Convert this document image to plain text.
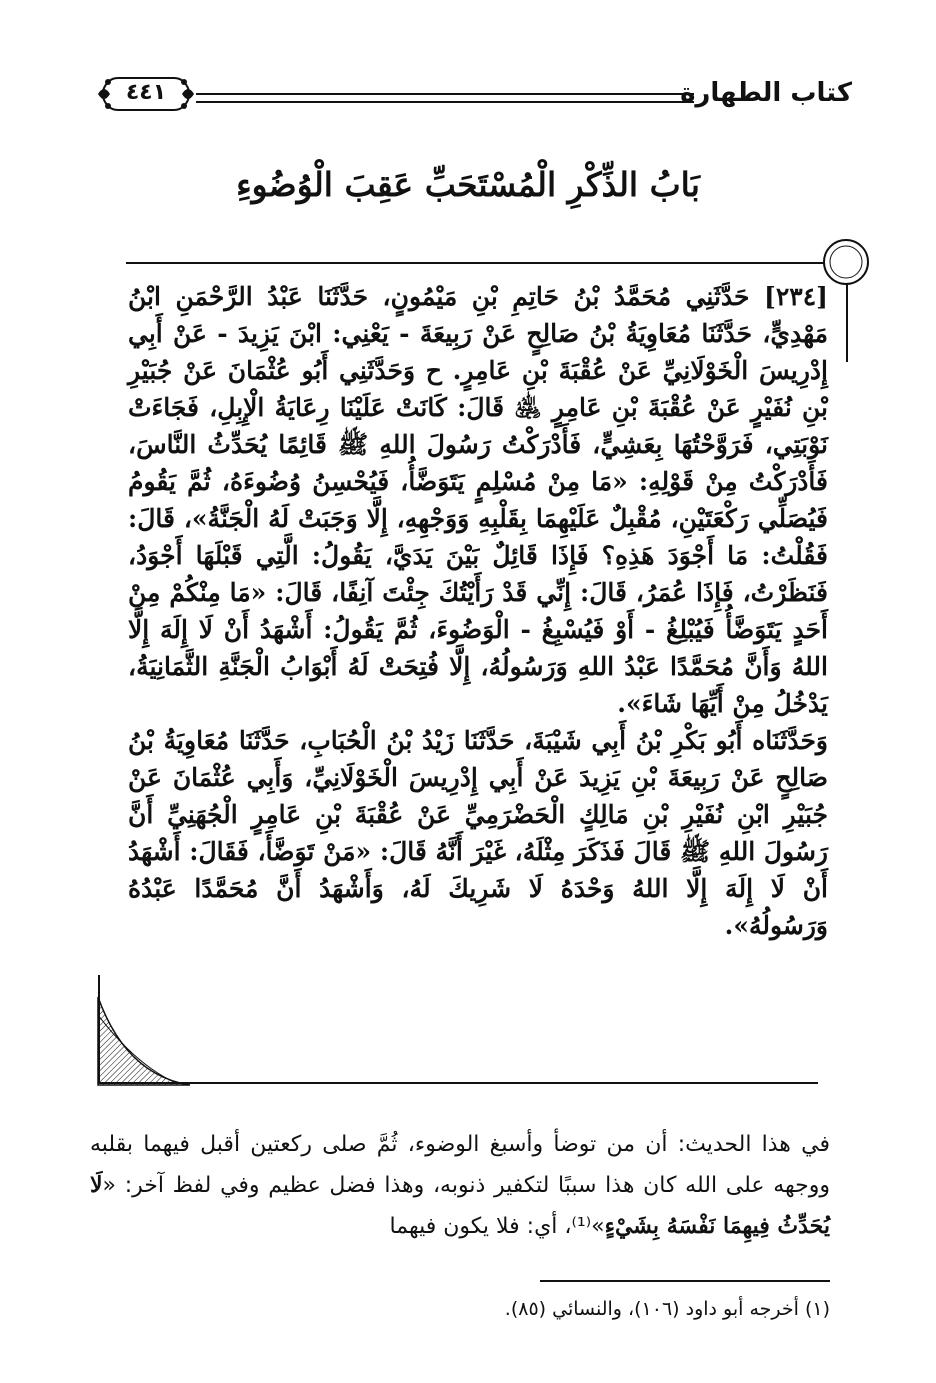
كتاب الطهارة
٤٤١
بَابُ الذِّكْرِ الْمُسْتَحَبِّ عَقِبَ الْوُضُوءِ

[٢٣٤] حَدَّثَنِي مُحَمَّدُ بْنُ حَاتِمِ بْنِ مَيْمُونٍ، حَدَّثَنَا عَبْدُ الرَّحْمَنِ ابْنُ مَهْدِيٍّ، حَدَّثَنَا مُعَاوِيَةُ بْنُ صَالِحٍ عَنْ رَبِيعَةَ - يَعْنِي: ابْنَ يَزِيدَ - عَنْ أَبِي إِدْرِيسَ الْخَوْلَانِيِّ عَنْ عُقْبَةَ بْنِ عَامِرٍ. ح وَحَدَّثَنِي أَبُو عُثْمَانَ عَنْ جُبَيْرِ بْنِ نُفَيْرٍ عَنْ عُقْبَةَ بْنِ عَامِرٍ ﵁ قَالَ: كَانَتْ عَلَيْنَا رِعَايَةُ الْإِبِلِ، فَجَاءَتْ نَوْبَتِي، فَرَوَّحْتُهَا بِعَشِيٍّ، فَأَدْرَكْتُ رَسُولَ اللهِ ﷺ قَائِمًا يُحَدِّثُ النَّاسَ، فَأَدْرَكْتُ مِنْ قَوْلِهِ: «مَا مِنْ مُسْلِمٍ يَتَوَضَّأُ، فَيُحْسِنُ وُضُوءَهُ، ثُمَّ يَقُومُ فَيُصَلِّي رَكْعَتَيْنِ، مُقْبِلٌ عَلَيْهِمَا بِقَلْبِهِ وَوَجْهِهِ، إِلَّا وَجَبَتْ لَهُ الْجَنَّةُ»، قَالَ: فَقُلْتُ: مَا أَجْوَدَ هَذِهِ؟ فَإِذَا قَائِلٌ بَيْنَ يَدَيَّ، يَقُولُ: الَّتِي قَبْلَهَا أَجْوَدُ، فَنَظَرْتُ، فَإِذَا عُمَرُ، قَالَ: إِنِّي قَدْ رَأَيْتُكَ جِئْتَ آنِفًا، قَالَ: «مَا مِنْكُمْ مِنْ أَحَدٍ يَتَوَضَّأُ فَيُبْلِغُ - أَوْ فَيُسْبِغُ - الْوَضُوءَ، ثُمَّ يَقُولُ: أَشْهَدُ أَنْ لَا إِلَهَ إِلَّا اللهُ وَأَنَّ مُحَمَّدًا عَبْدُ اللهِ وَرَسُولُهُ، إِلَّا فُتِحَتْ لَهُ أَبْوَابُ الْجَنَّةِ الثَّمَانِيَةُ، يَدْخُلُ مِنْ أَيِّهَا شَاءَ».

وَحَدَّثَنَاه أَبُو بَكْرِ بْنُ أَبِي شَيْبَةَ، حَدَّثَنَا زَيْدُ بْنُ الْحُبَابِ، حَدَّثَنَا مُعَاوِيَةُ بْنُ صَالِحٍ عَنْ رَبِيعَةَ بْنِ يَزِيدَ عَنْ أَبِي إِدْرِيسَ الْخَوْلَانِيِّ، وَأَبِي عُثْمَانَ عَنْ جُبَيْرِ ابْنِ نُفَيْرِ بْنِ مَالِكٍ الْحَضْرَمِيِّ عَنْ عُقْبَةَ بْنِ عَامِرٍ الْجُهَنِيِّ أَنَّ رَسُولَ اللهِ ﷺ قَالَ فَذَكَرَ مِثْلَهُ، غَيْرَ أَنَّهُ قَالَ: «مَنْ تَوَضَّأَ، فَقَالَ: أَشْهَدُ أَنْ لَا إِلَهَ إِلَّا اللهُ وَحْدَهُ لَا شَرِيكَ لَهُ، وَأَشْهَدُ أَنَّ مُحَمَّدًا عَبْدُهُ وَرَسُولُهُ».

في هذا الحديث: أن من توضأ وأسبغ الوضوء، ثُمَّ صلى ركعتين أقبل فيهما بقلبه ووجهه على الله كان هذا سببًا لتكفير ذنوبه، وهذا فضل عظيم وفي لفظ آخر: «لَا يُحَدِّثُ فِيهِمَا نَفْسَهُ بِشَيْءٍ»⁽¹⁾، أي: فلا يكون فيهما
(١) أخرجه أبو داود (١٠٦)، والنسائي (٨٥).
